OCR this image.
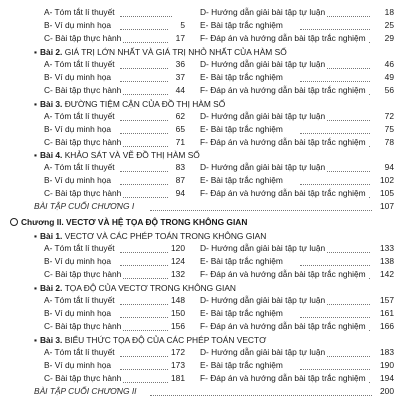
A- Tóm tắt lí thuyết	D- Hướng dẫn giải bài tập tự luận	18
B- Ví dụ minh họa	5 E- Bài tập trắc nghiệm	25
C- Bài tập thực hành	17 F- Đáp án và hướng dẫn bài tập trắc nghiệm	29
▪ Bài 2. GIÁ TRỊ LỚN NHẤT VÀ GIÁ TRỊ NHỎ NHẤT CỦA HÀM SỐ
A- Tóm tắt lí thuyết	36 D- Hướng dẫn giải bài tập tự luận	46
B- Ví dụ minh họa	37 E- Bài tập trắc nghiệm	49
C- Bài tập thực hành	44 F- Đáp án và hướng dẫn bài tập trắc nghiệm	56
▪ Bài 3. ĐƯỜNG TIỆM CẬN CỦA ĐỒ THỊ HÀM SỐ
A- Tóm tắt lí thuyết	62 D- Hướng dẫn giải bài tập tự luận	72
B- Ví dụ minh họa	65 E- Bài tập trắc nghiệm	75
C- Bài tập thực hành	71 F- Đáp án và hướng dẫn bài tập trắc nghiệm	78
▪ Bài 4. KHẢO SÁT VÀ VẼ ĐỒ THỊ HÀM SỐ
A- Tóm tắt lí thuyết	83 D- Hướng dẫn giải bài tập tự luận	94
B- Ví dụ minh họa	87 E- Bài tập trắc nghiệm	102
C- Bài tập thực hành	94 F- Đáp án và hướng dẫn bài tập trắc nghiệm	105
BÀI TẬP CUỐI CHƯƠNG I	107
Chương II. VECTƠ VÀ HỆ TỌA ĐỘ TRONG KHÔNG GIAN
▪ Bài 1. VECTƠ VÀ CÁC PHÉP TOÁN TRONG KHÔNG GIAN
A- Tóm tắt lí thuyết	120 D- Hướng dẫn giải bài tập tự luận	133
B- Ví dụ minh họa	124 E- Bài tập trắc nghiệm	138
C- Bài tập thực hành	132 F- Đáp án và hướng dẫn bài tập trắc nghiệm	142
▪ Bài 2. TỌA ĐỘ CỦA VECTƠ TRONG KHÔNG GIAN
A- Tóm tắt lí thuyết	148 D- Hướng dẫn giải bài tập tự luận	157
B- Ví dụ minh họa	150 E- Bài tập trắc nghiệm	161
C- Bài tập thực hành	156 F- Đáp án và hướng dẫn bài tập trắc nghiệm	166
▪ Bài 3. BIỂU THỨC TỌA ĐỘ CỦA CÁC PHÉP TOÁN VECTƠ
A- Tóm tắt lí thuyết	172 D- Hướng dẫn giải bài tập tự luận	183
B- Ví dụ minh họa	173 E- Bài tập trắc nghiệm	190
C- Bài tập thực hành	181 F- Đáp án và hướng dẫn bài tập trắc nghiệm	194
BÀI TẬP CUỐI CHƯƠNG II	200
